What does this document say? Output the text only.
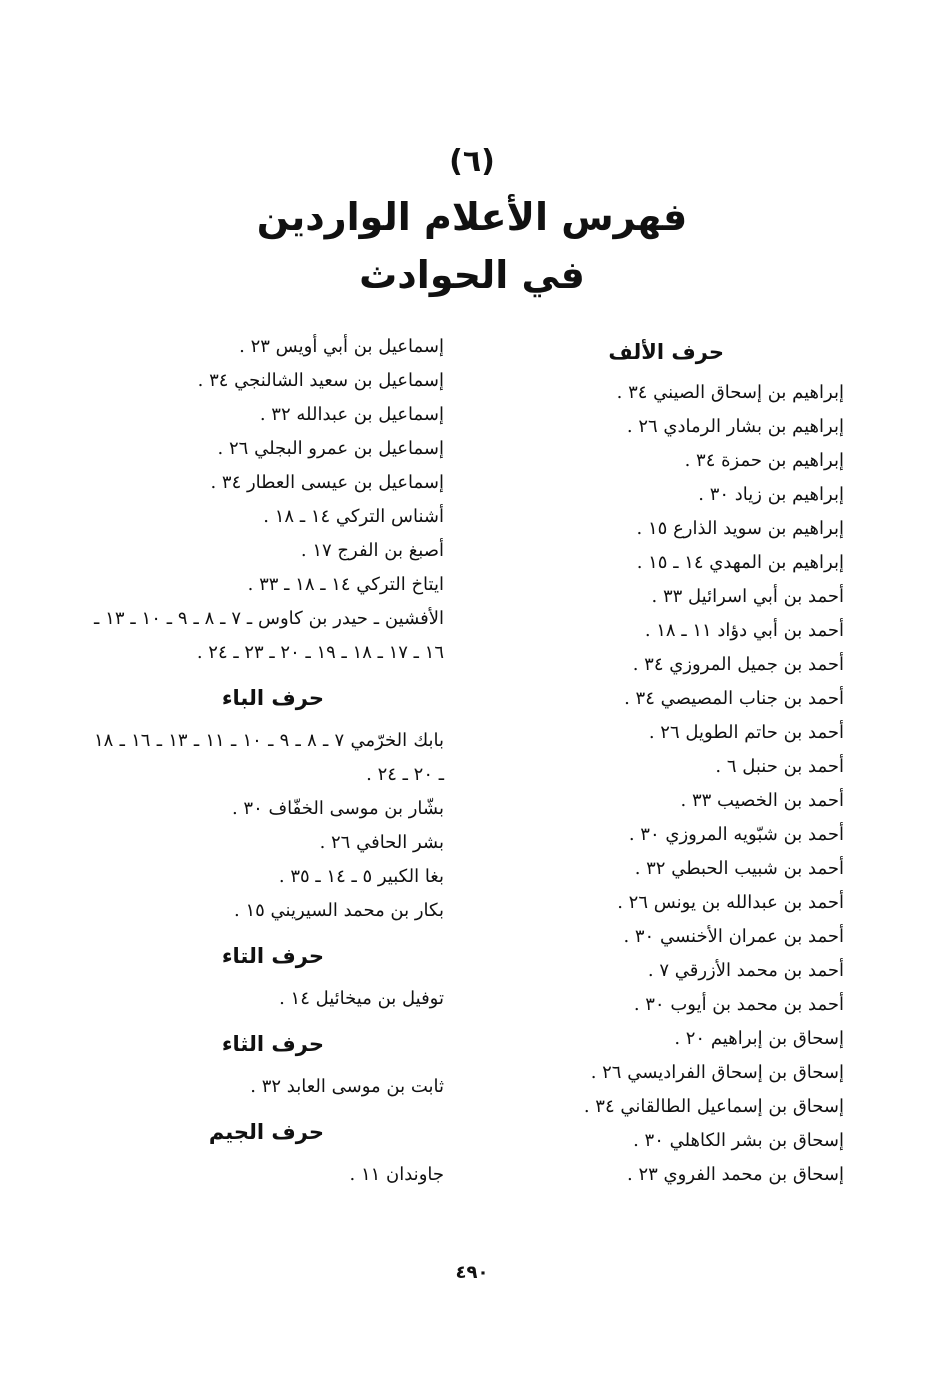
(٦)
فهرس الأعلام الواردين
في الحوادث
حرف الألف
إبراهيم بن إسحاق الصيني ٣٤ .
إبراهيم بن بشار الرمادي ٢٦ .
إبراهيم بن حمزة ٣٤ .
إبراهيم بن زياد ٣٠ .
إبراهيم بن سويد الذارع ١٥ .
إبراهيم بن المهدي ١٤ ـ ١٥ .
أحمد بن أبي اسرائيل ٣٣ .
أحمد بن أبي دؤاد ١١ ـ ١٨ .
أحمد بن جميل المروزي ٣٤ .
أحمد بن جناب المصيصي ٣٤ .
أحمد بن حاتم الطويل ٢٦ .
أحمد بن حنبل ٦ .
أحمد بن الخصيب ٣٣ .
أحمد بن شبّويه المروزي ٣٠ .
أحمد بن شبيب الحبطي ٣٢ .
أحمد بن عبدالله بن يونس ٢٦ .
أحمد بن عمران الأخنسي ٣٠ .
أحمد بن محمد الأزرقي ٧ .
أحمد بن محمد بن أيوب ٣٠ .
إسحاق بن إبراهيم ٢٠ .
إسحاق بن إسحاق الفراديسي ٢٦ .
إسحاق بن إسماعيل الطالقاني ٣٤ .
إسحاق بن بشر الكاهلي ٣٠ .
إسحاق بن محمد الفروي ٢٣ .
إسماعيل بن أبي أويس ٢٣ .
إسماعيل بن سعيد الشالنجي ٣٤ .
إسماعيل بن عبدالله ٣٢ .
إسماعيل بن عمرو البجلي ٢٦ .
إسماعيل بن عيسى العطار ٣٤ .
أشناس التركي ١٤ ـ ١٨ .
أصبغ بن الفرج ١٧ .
ايتاخ التركي ١٤ ـ ١٨ ـ ٣٣ .
الأفشين ـ حيدر بن كاوس ـ ٧ ـ ٨ ـ ٩ ـ ١٠ ـ ١٣ ـ ١٦ ـ ١٧ ـ ١٨ ـ ١٩ ـ ٢٠ ـ ٢٣ ـ ٢٤ .
حرف الباء
بابك الخرّمي ٧ ـ ٨ ـ ٩ ـ ١٠ ـ ١١ ـ ١٣ ـ ١٦ ـ ١٨ ـ ٢٠ ـ ٢٤ .
بشّار بن موسى الخفّاف ٣٠ .
بشر الحافي ٢٦ .
بغا الكبير ٥ ـ ١٤ ـ ٣٥ .
بكار بن محمد السيريني ١٥ .
حرف التاء
توفيل بن ميخائيل ١٤ .
حرف الثاء
ثابت بن موسى العابد ٣٢ .
حرف الجيم
جاوندان ١١ .
٤٩٠
